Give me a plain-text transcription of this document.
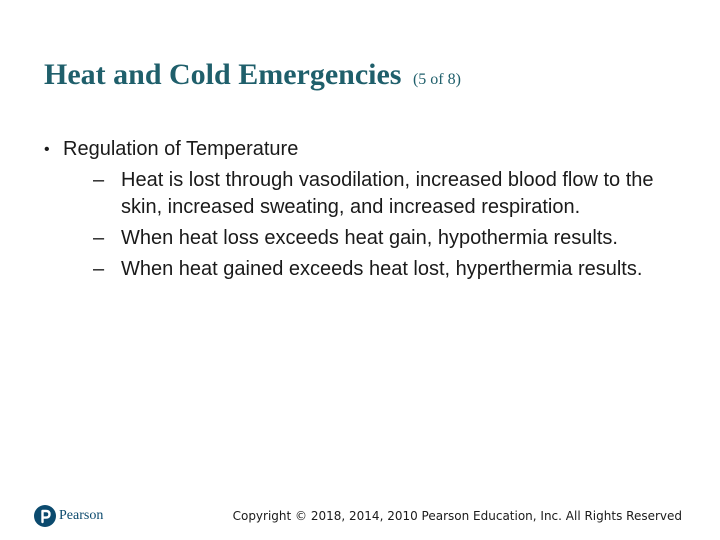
Heat and Cold Emergencies (5 of 8)
• Regulation of Temperature
– Heat is lost through vasodilation, increased blood flow to the skin, increased sweating, and increased respiration.
– When heat loss exceeds heat gain, hypothermia results.
– When heat gained exceeds heat lost, hyperthermia results.
Pearson	Copyright © 2018, 2014, 2010 Pearson Education, Inc. All Rights Reserved
